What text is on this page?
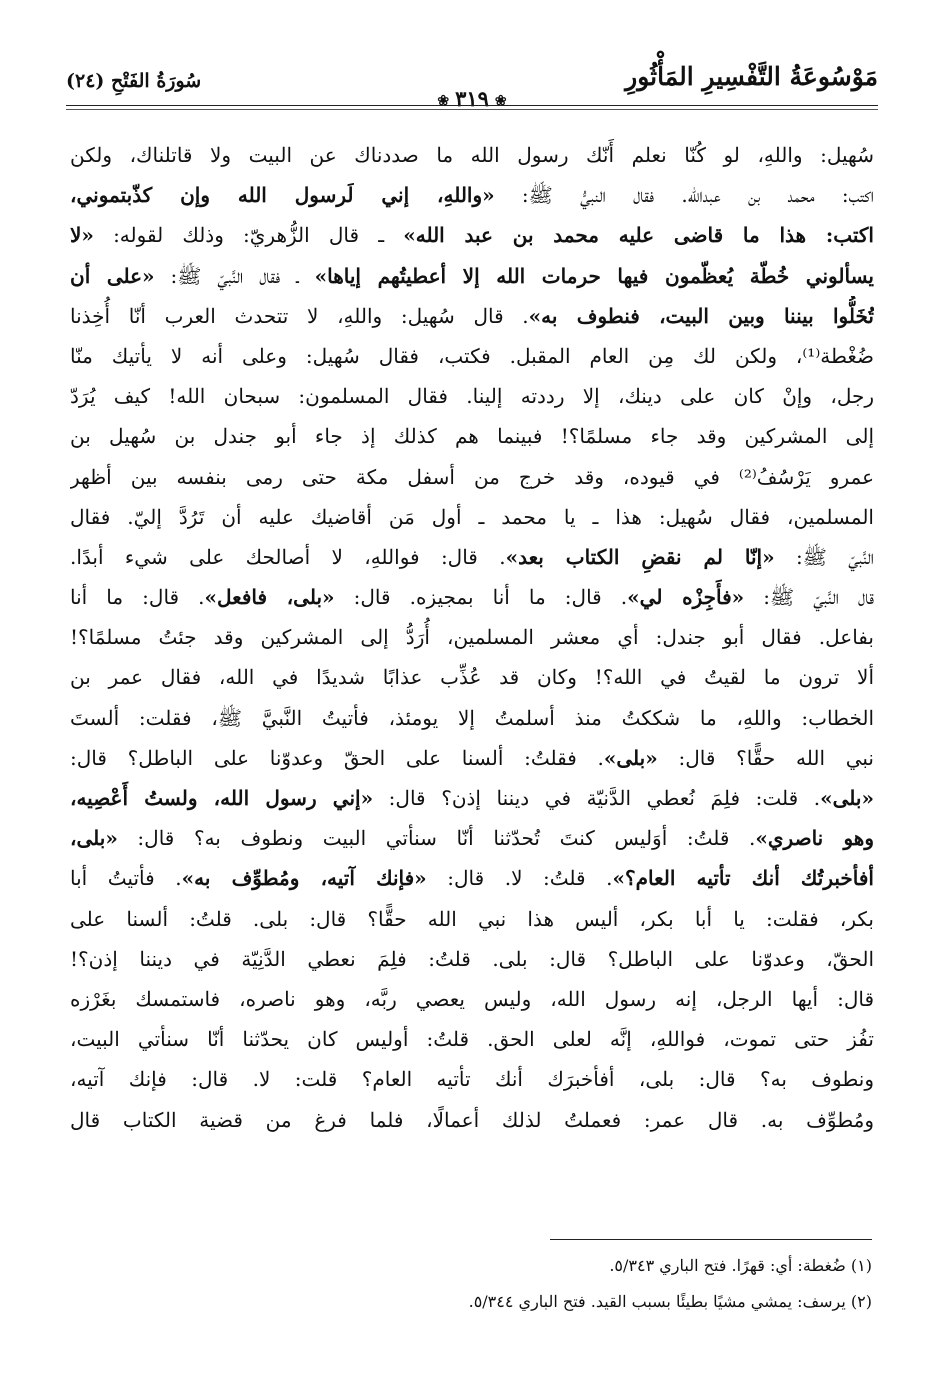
مَوْسُوعَةُ التَّفْسِيرِ المَأْثُورِ
❀٣١٩❀
سُورَةُ الفَتْحِ (٢٤)
سُهيل: واللهِ، لو كُنّا نعلم أَنّك رسول الله ما صددناك عن البيت ولا قاتلناك، ولكن
اكتب: محمد بن عبدالله. فقال النبيُّ ﷺ: «واللهِ، إني لَرسول الله وإن كذّبتموني،
اكتب: هذا ما قاضى عليه محمد بن عبد الله» ـ قال الزُّهريّ: وذلك لقوله: «لا
يسألوني خُطّة يُعظّمون فيها حرمات الله إلا أعطيتُهم إياها» ـ فقال النَّبيّ ﷺ: «على أن
تُخَلُّوا بيننا وبين البيت، فنطوف به». قال سُهيل: واللهِ، لا تتحدث العرب أنّا أُخِذنا
ضُغْطة⁽¹⁾، ولكن لك مِن العام المقبل. فكتب، فقال سُهيل: وعلى أنه لا يأتيك منّا
رجل، وإنْ كان على دينك، إلا رددته إلينا. فقال المسلمون: سبحان الله! كيف يُرَدّ
إلى المشركين وقد جاء مسلمًا؟! فبينما هم كذلك إذ جاء أبو جندل بن سُهيل بن
عمرو يَرْسُفُ⁽²⁾ في قيوده، وقد خرج من أسفل مكة حتى رمى بنفسه بين أظهر
المسلمين، فقال سُهيل: هذا ـ يا محمد ـ أول مَن أقاضيك عليه أن تَرُدَّ إليّ. فقال
النَّبيّ ﷺ: «إنّا لم نقضِ الكتاب بعد». قال: فواللهِ، لا أصالحك على شيء أبدًا.
قال النَّبيّ ﷺ: «فأَجِزْه لي». قال: ما أنا بمجيزه. قال: «بلى، فافعل». قال: ما أنا
بفاعل. فقال أبو جندل: أي معشر المسلمين، أُرَدُّ إلى المشركين وقد جئتُ مسلمًا؟!
ألا ترون ما لقيتُ في الله؟! وكان قد عُذِّب عذابًا شديدًا في الله، فقال عمر بن
الخطاب: واللهِ، ما شككتُ منذ أسلمتُ إلا يومئذ، فأتيتُ النَّبيَّ ﷺ، فقلت: ألستَ
نبي الله حقًّا؟ قال: «بلى». فقلتُ: ألسنا على الحقّ وعدوّنا على الباطل؟ قال:
«بلى». قلت: فلِمَ نُعطي الدَّنيّة في ديننا إذن؟ قال: «إني رسول الله، ولستُ أَعْصِيه،
وهو ناصري». قلتُ: أوَليس كنتَ تُحدّثنا أنّا سنأتي البيت ونطوف به؟ قال: «بلى،
أفأخبرتُك أنك تأتيه العام؟». قلتُ: لا. قال: «فإنك آتيه، ومُطوِّف به». فأتيتُ أبا
بكر، فقلت: يا أبا بكر، أليس هذا نبي الله حقًّا؟ قال: بلى. قلتُ: ألسنا على
الحقّ، وعدوّنا على الباطل؟ قال: بلى. قلتُ: فلِمَ نعطي الدَّنِيّة في ديننا إذن؟!
قال: أيها الرجل، إنه رسول الله، وليس يعصي ربَّه، وهو ناصره، فاستمسك بغَرْزه
تفُز حتى تموت، فواللهِ، إنَّه لعلى الحق. قلتُ: أوليس كان يحدّثنا أنّا سنأتي البيت،
ونطوف به؟ قال: بلى، أفأخبرَك أنك تأتيه العام؟ قلت: لا. قال: فإنك آتيه،
ومُطوِّف به. قال عمر: فعملتُ لذلك أعمالًا، فلما فرغ من قضية الكتاب قال
(١) ضُغطة: أي: قهرًا. فتح الباري ٥/٣٤٣.
(٢) يرسف: يمشي مشيًا بطيئًا بسبب القيد. فتح الباري ٥/٣٤٤.
